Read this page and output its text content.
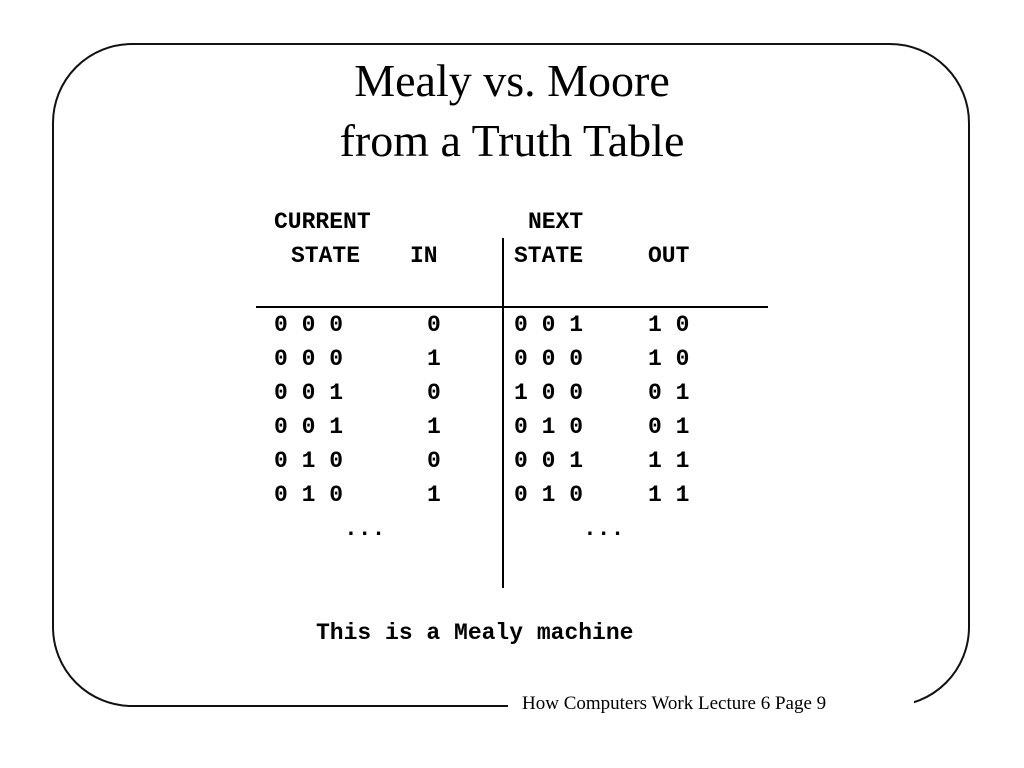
Mealy vs. Moore
from a Truth Table
CURRENT	NEXT
STATE IN	STATE	OUT
0 0 0	0	0 0 1	1 0
0 0 0	1	0 0 0	1 0
0 0 1	0	1 0 0	0 1
0 0 1	1	0 1 0	0 1
0 1 0	0	0 0 1	1 1
0 1 0	1	0 1 0	1 1
...	...
This is a Mealy machine
How Computers Work Lecture 6 Page 9
